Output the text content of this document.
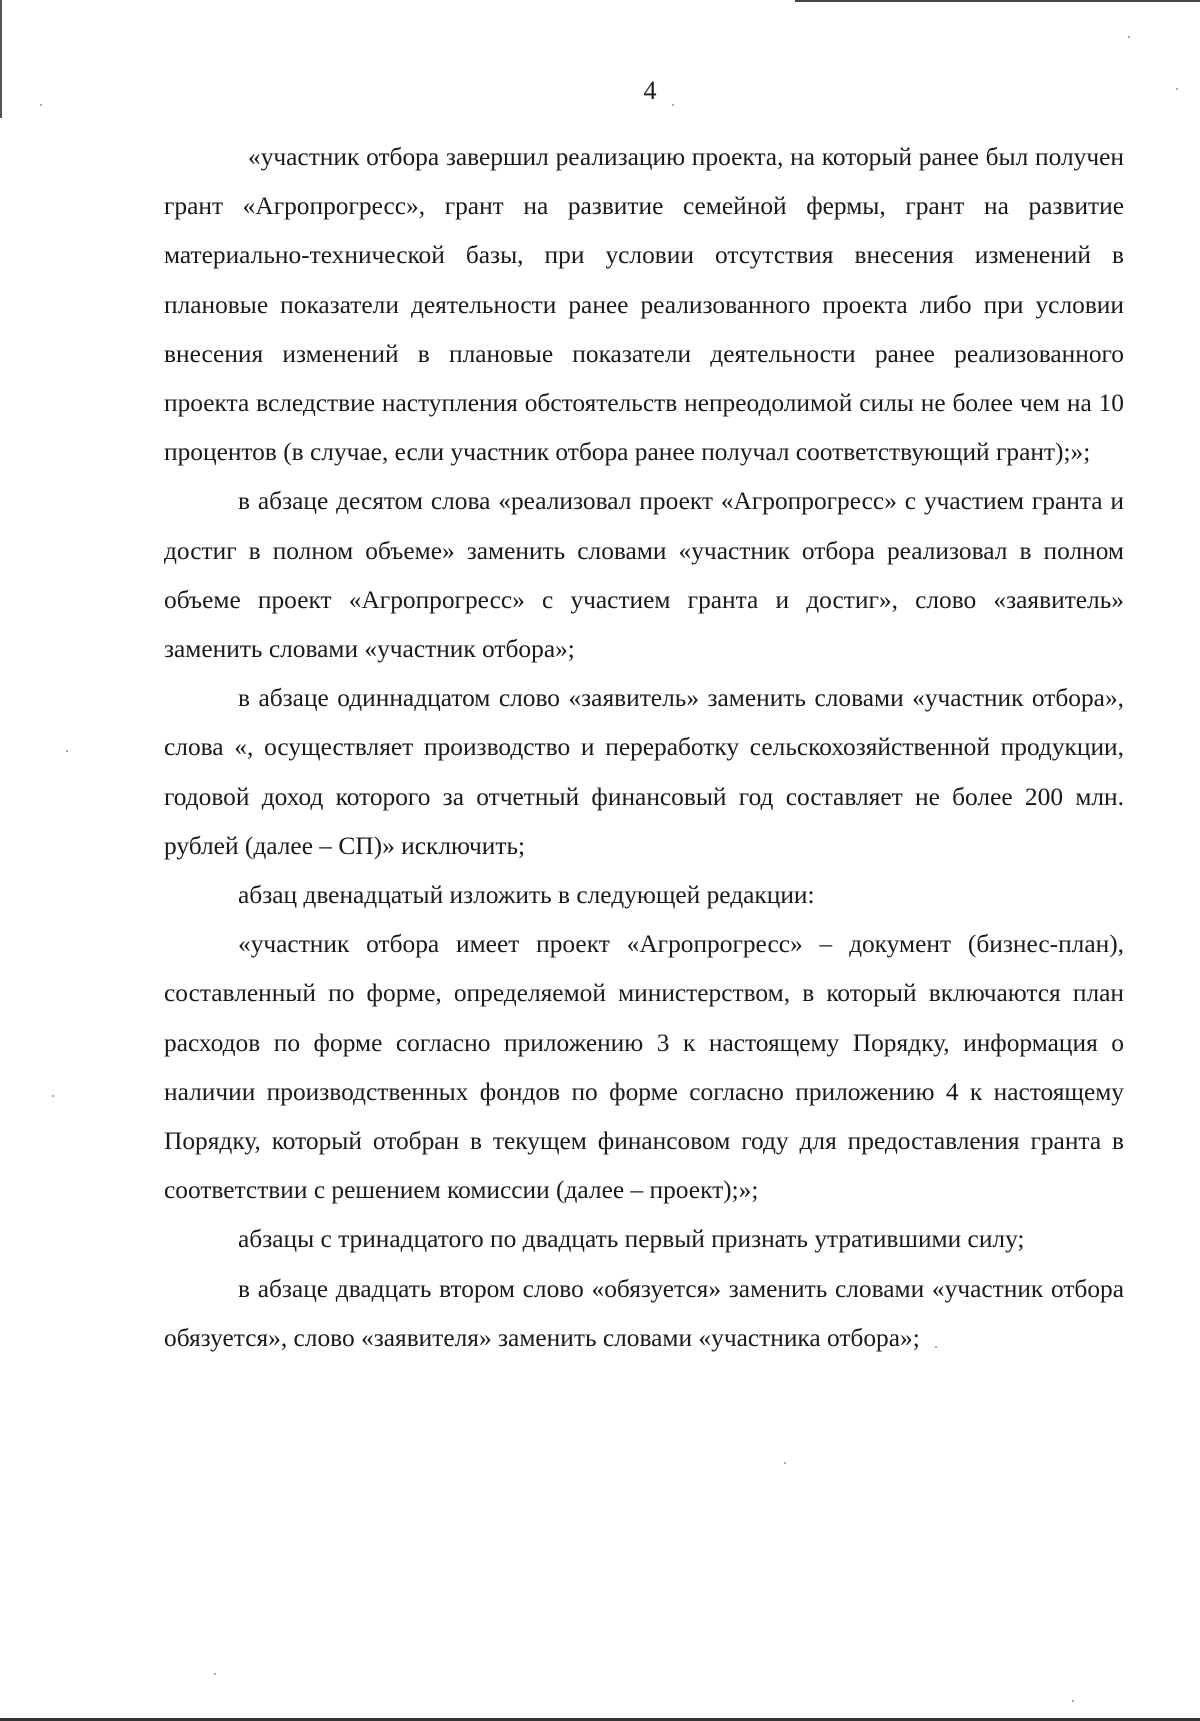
4

«участник отбора завершил реализацию проекта, на который ранее был получен грант «Агропрогресс», грант на развитие семейной фермы, грант на развитие материально-технической базы, при условии отсутствия внесения изменений в плановые показатели деятельности ранее реализованного проекта либо при условии внесения изменений в плановые показатели деятельности ранее реализованного проекта вследствие наступления обстоятельств непреодолимой силы не более чем на 10 процентов (в случае, если участник отбора ранее получал соответствующий грант);»;

в абзаце десятом слова «реализовал проект «Агропрогресс» с участием гранта и достиг в полном объеме» заменить словами «участник отбора реализовал в полном объеме проект «Агропрогресс» с участием гранта и достиг», слово «заявитель» заменить словами «участник отбора»;

в абзаце одиннадцатом слово «заявитель» заменить словами «участник отбора», слова «, осуществляет производство и переработку сельскохозяйственной продукции, годовой доход которого за отчетный финансовый год составляет не более 200 млн. рублей (далее – СП)» исключить;

абзац двенадцатый изложить в следующей редакции:

«участник отбора имеет проект «Агропрогресс» – документ (бизнес-план), составленный по форме, определяемой министерством, в который включаются план расходов по форме согласно приложению 3 к настоящему Порядку, информация о наличии производственных фондов по форме согласно приложению 4 к настоящему Порядку, который отобран в текущем финансовом году для предоставления гранта в соответствии с решением комиссии (далее – проект);»;

абзацы с тринадцатого по двадцать первый признать утратившими силу;

в абзаце двадцать втором слово «обязуется» заменить словами «участник отбора обязуется», слово «заявителя» заменить словами «участника отбора»;
